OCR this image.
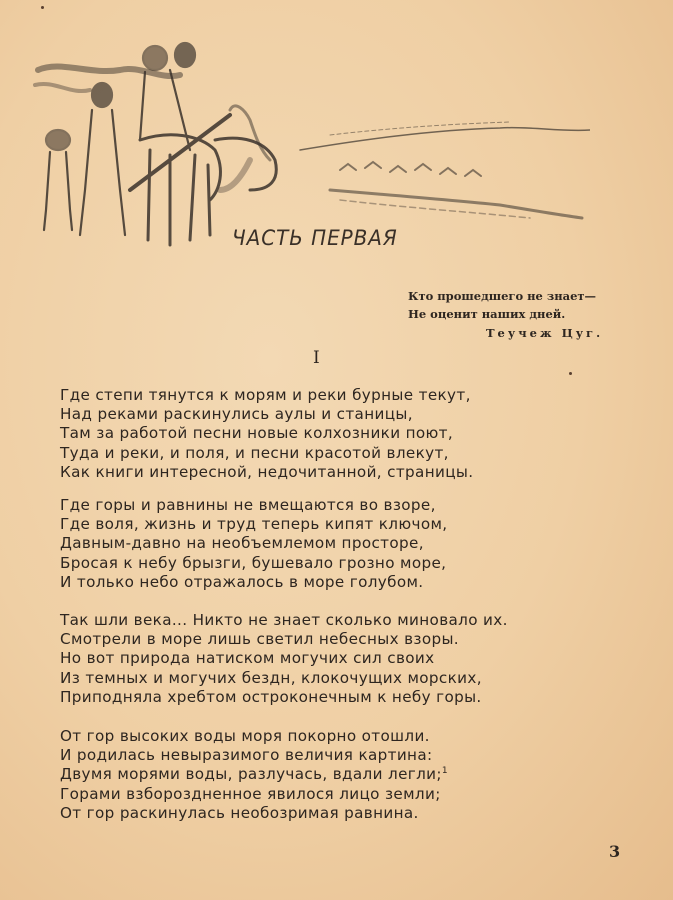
ЧАСТЬ ПЕРВАЯ
Кто прошедшего не знает—
Не оценит наших дней.
Теучеж Цуг.
I
Где степи тянутся к морям и реки бурные текут,
Над реками раскинулись аулы и станицы,
Там за работой песни новые колхозники поют,
Туда и реки, и поля, и песни красотой влекут,
Как книги интересной, недочитанной, страницы.
Где горы и равнины не вмещаются во взоре,
Где воля, жизнь и труд теперь кипят ключом,
Давным-давно на необъемлемом просторе,
Бросая к небу брызги, бушевало грозно море,
И только небо отражалось в море голубом.
Так шли века... Никто не знает сколько миновало их.
Смотрели в море лишь светил небесных взоры.
Но вот природа натиском могучих сил своих
Из темных и могучих бездн, клокочущих морских,
Приподняла хребтом остроконечным к небу горы.
От гор высоких воды моря покорно отошли.
И родилась невыразимого величия картина:
Двумя морями воды, разлучась, вдали легли;$^1$
Горами взбороздненное явилося лицо земли;
От гор раскинулась необозримая равнина.
3
